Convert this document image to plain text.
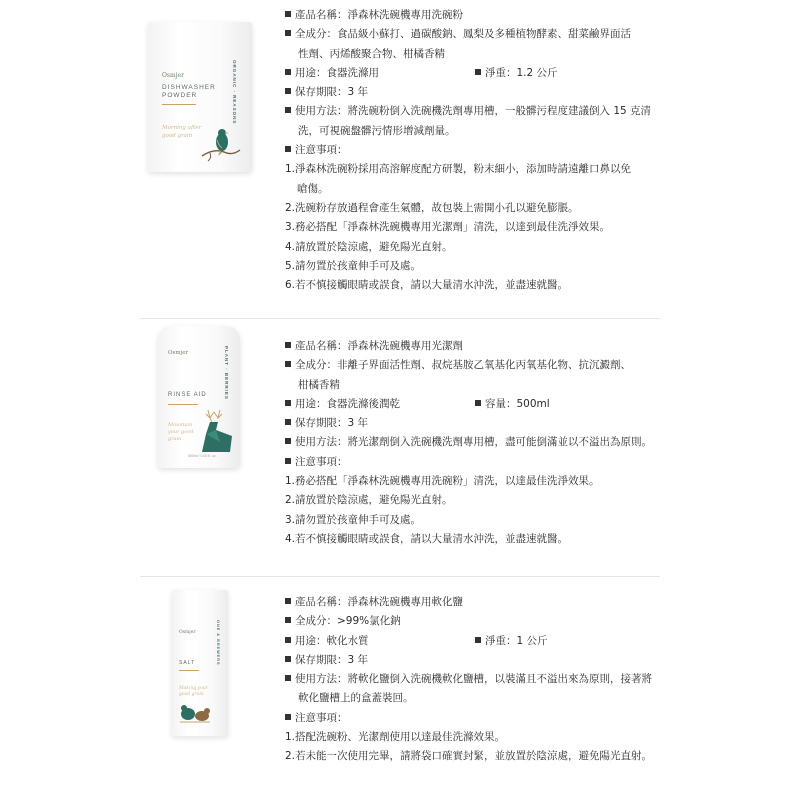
Osmjer
DISHWASHER
POWDER	ORGANIC ⋅ REASONS
Morning after good grain
產品名稱：淨森林洗碗機專用洗碗粉
全成分：食品級小蘇打、過碳酸鈉、鳳梨及多種植物酵素、甜菜鹼界面活
性劑、丙烯酸聚合物、柑橘香精
用途：食器洗滌用	淨重：1.2 公斤
保存期限：3 年
使用方法：將洗碗粉倒入洗碗機洗劑專用槽，一般髒污程度建議倒入 15 克清
洗，可視碗盤髒污情形增減劑量。
注意事項：
1.淨森林洗碗粉採用高溶解度配方研製，粉末細小，添加時請遠離口鼻以免
嗆傷。
2.洗碗粉存放過程會產生氣體，故包裝上需開小孔以避免膨脹。
3.務必搭配「淨森林洗碗機專用光潔劑」清洗，以達到最佳洗淨效果。
4.請放置於陰涼處，避免陽光直射。
5.請勿置於孩童伸手可及處。
6.若不慎接觸眼睛或誤食，請以大量清水沖洗，並盡速就醫。
Osmjer
RINSE AID	PLANT ⋅ BERRIES
Mountain your good grain
500ml / 0.00 fl. oz.
產品名稱：淨森林洗碗機專用光潔劑
全成分：非離子界面活性劑、叔烷基胺乙氧基化丙氧基化物、抗沉澱劑、
柑橘香精
用途：食器洗滌後潤乾	容量：500ml
保存期限：3 年
使用方法：將光潔劑倒入洗碗機洗劑專用槽，盡可能倒滿並以不溢出為原則。
注意事項：
1.務必搭配「淨森林洗碗機專用洗碗粉」清洗，以達最佳洗淨效果。
2.請放置於陰涼處，避免陽光直射。
3.請勿置於孩童伸手可及處。
4.若不慎接觸眼睛或誤食，請以大量清水沖洗，並盡速就醫。
Osmjer
SALT	ONE & BREWERS
Making your good grain
產品名稱：淨森林洗碗機專用軟化鹽
全成分：>99%氯化鈉
用途：軟化水質	淨重：1 公斤
保存期限：3 年
使用方法：將軟化鹽倒入洗碗機軟化鹽槽，以裝滿且不溢出來為原則，接著將
軟化鹽槽上的盒蓋裝回。
注意事項：
1.搭配洗碗粉、光潔劑使用以達最佳洗滌效果。
2.若未能一次使用完畢，請將袋口確實封緊，並放置於陰涼處，避免陽光直射。
